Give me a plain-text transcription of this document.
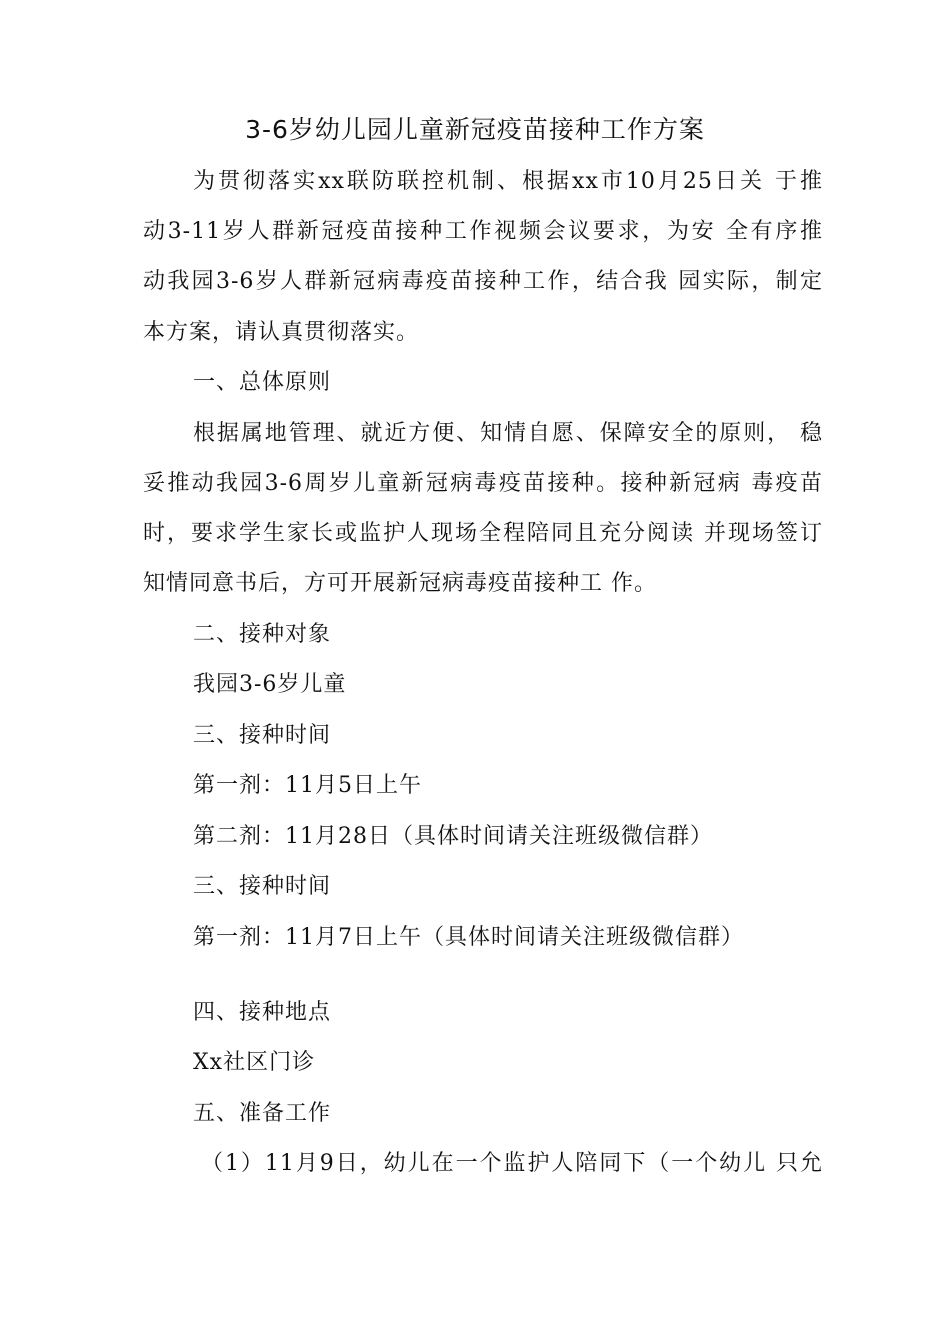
3-6岁幼儿园儿童新冠疫苗接种工作方案
为贯彻落实xx联防联控机制、根据xx市10月25日关 于推
动3-11岁人群新冠疫苗接种工作视频会议要求，为安 全有序推
动我园3-6岁人群新冠病毒疫苗接种工作，结合我 园实际，制定
本方案，请认真贯彻落实。
一、总体原则
根据属地管理、就近方便、知情自愿、保障安全的原则， 稳
妥推动我园3-6周岁儿童新冠病毒疫苗接种。接种新冠病 毒疫苗
时，要求学生家长或监护人现场全程陪同且充分阅读 并现场签订
知情同意书后，方可开展新冠病毒疫苗接种工 作。
二、接种对象
我园3-6岁儿童
三、接种时间
第一剂：11月5日上午
第二剂：11月28日（具体时间请关注班级微信群）
三、接种时间
第一剂：11月7日上午（具体时间请关注班级微信群）
四、接种地点
Xx社区门诊
五、准备工作
（1）11月9日，幼儿在一个监护人陪同下（一个幼儿 只允
